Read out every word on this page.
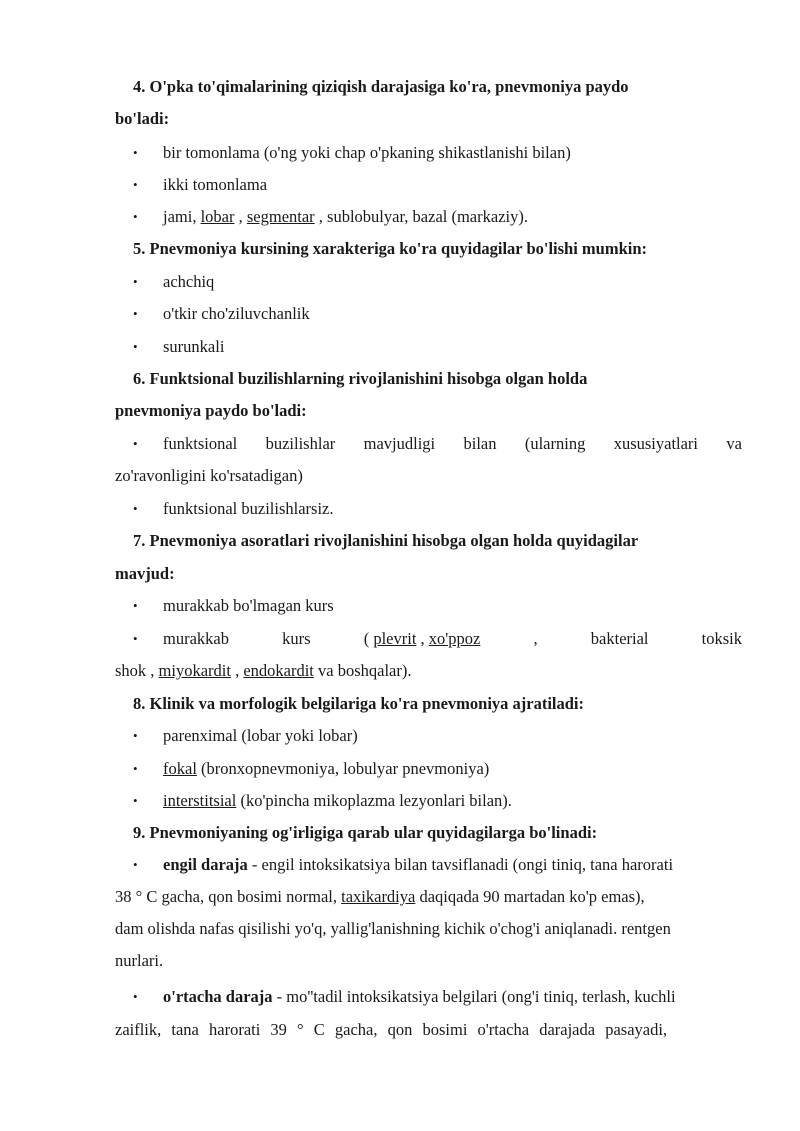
4. O'pka to'qimalarining qiziqish darajasiga ko'ra, pnevmoniya paydo
bo'ladi:
• bir tomonlama (o'ng yoki chap o'pkaning shikastlanishi bilan)
• ikki tomonlama
• jami, lobar , segmentar , sublobulyar, bazal (markaziy).
5. Pnevmoniya kursining xarakteriga ko'ra quyidagilar bo'lishi mumkin:
• achchiq
• o'tkir cho'ziluvchanlik
• surunkali
6. Funktsional buzilishlarning rivojlanishini hisobga olgan holda
pnevmoniya paydo bo'ladi:
• funktsional buzilishlar mavjudligi bilan (ularning xususiyatlari va
zo'ravonligini ko'rsatadigan)
• funktsional buzilishlarsiz.
7. Pnevmoniya asoratlari rivojlanishini hisobga olgan holda quyidagilar
mavjud:
• murakkab bo'lmagan kurs
• murakkab	kurs	( plevrit , xo'ppoz	,	bakterial	toksik
shok , miyokardit , endokardit va boshqalar).
8. Klinik va morfologik belgilariga ko'ra pnevmoniya ajratiladi:
• parenximal (lobar yoki lobar)
• fokal (bronxopnevmoniya, lobulyar pnevmoniya)
• interstitsial (ko'pincha mikoplazma lezyonlari bilan).
9. Pnevmoniyaning og'irligiga qarab ular quyidagilarga bo'linadi:
• engil daraja - engil intoksikatsiya bilan tavsiflanadi (ongi tiniq, tana harorati
38 ° C gacha, qon bosimi normal, taxikardiya daqiqada 90 martadan ko'p emas),
dam olishda nafas qisilishi yo'q, yallig'lanishning kichik o'chog'i aniqlanadi. rentgen
nurlari.
• o'rtacha daraja - mo''tadil intoksikatsiya belgilari (ong'i tiniq, terlash, kuchli
zaiflik, tana harorati 39 ° C gacha, qon bosimi o'rtacha darajada pasayadi,
